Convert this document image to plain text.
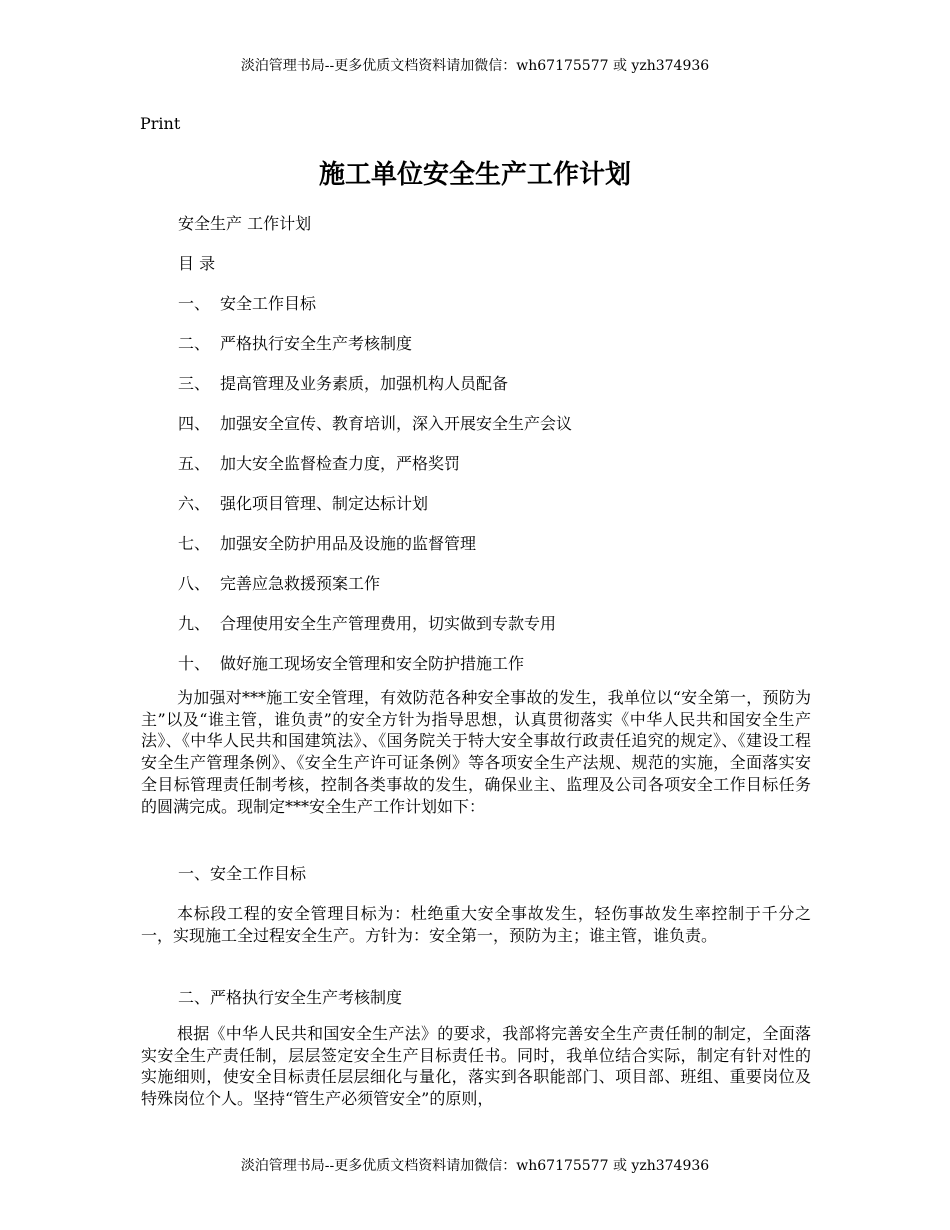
淡泊管理书局--更多优质文档资料请加微信：wh67175577 或 yzh374936
Print
施工单位安全生产工作计划
安全生产 工作计划
目 录
一、 安全工作目标
二、 严格执行安全生产考核制度
三、 提高管理及业务素质，加强机构人员配备
四、 加强安全宣传、教育培训，深入开展安全生产会议
五、 加大安全监督检查力度，严格奖罚
六、 强化项目管理、制定达标计划
七、 加强安全防护用品及设施的监督管理
八、 完善应急救援预案工作
九、 合理使用安全生产管理费用，切实做到专款专用
十、 做好施工现场安全管理和安全防护措施工作

为加强对***施工安全管理，有效防范各种安全事故的发生，我单位以“安全第一，预防为主”以及“谁主管，谁负责”的安全方针为指导思想，认真贯彻落实《中华人民共和国安全生产法》、《中华人民共和国建筑法》、《国务院关于特大安全事故行政责任追究的规定》、《建设工程安全生产管理条例》、《安全生产许可证条例》等各项安全生产法规、规范的实施，全面落实安全目标管理责任制考核，控制各类事故的发生，确保业主、监理及公司各项安全工作目标任务的圆满完成。现制定***安全生产工作计划如下：

一、安全工作目标

本标段工程的安全管理目标为：杜绝重大安全事故发生，轻伤事故发生率控制于千分之一，实现施工全过程安全生产。方针为：安全第一，预防为主；谁主管，谁负责。

二、严格执行安全生产考核制度

根据《中华人民共和国安全生产法》的要求，我部将完善安全生产责任制的制定，全面落实安全生产责任制，层层签定安全生产目标责任书。同时，我单位结合实际，制定有针对性的实施细则，使安全目标责任层层细化与量化，落实到各职能部门、项目部、班组、重要岗位及特殊岗位个人。坚持“管生产必须管安全”的原则，

淡泊管理书局--更多优质文档资料请加微信：wh67175577 或 yzh374936
